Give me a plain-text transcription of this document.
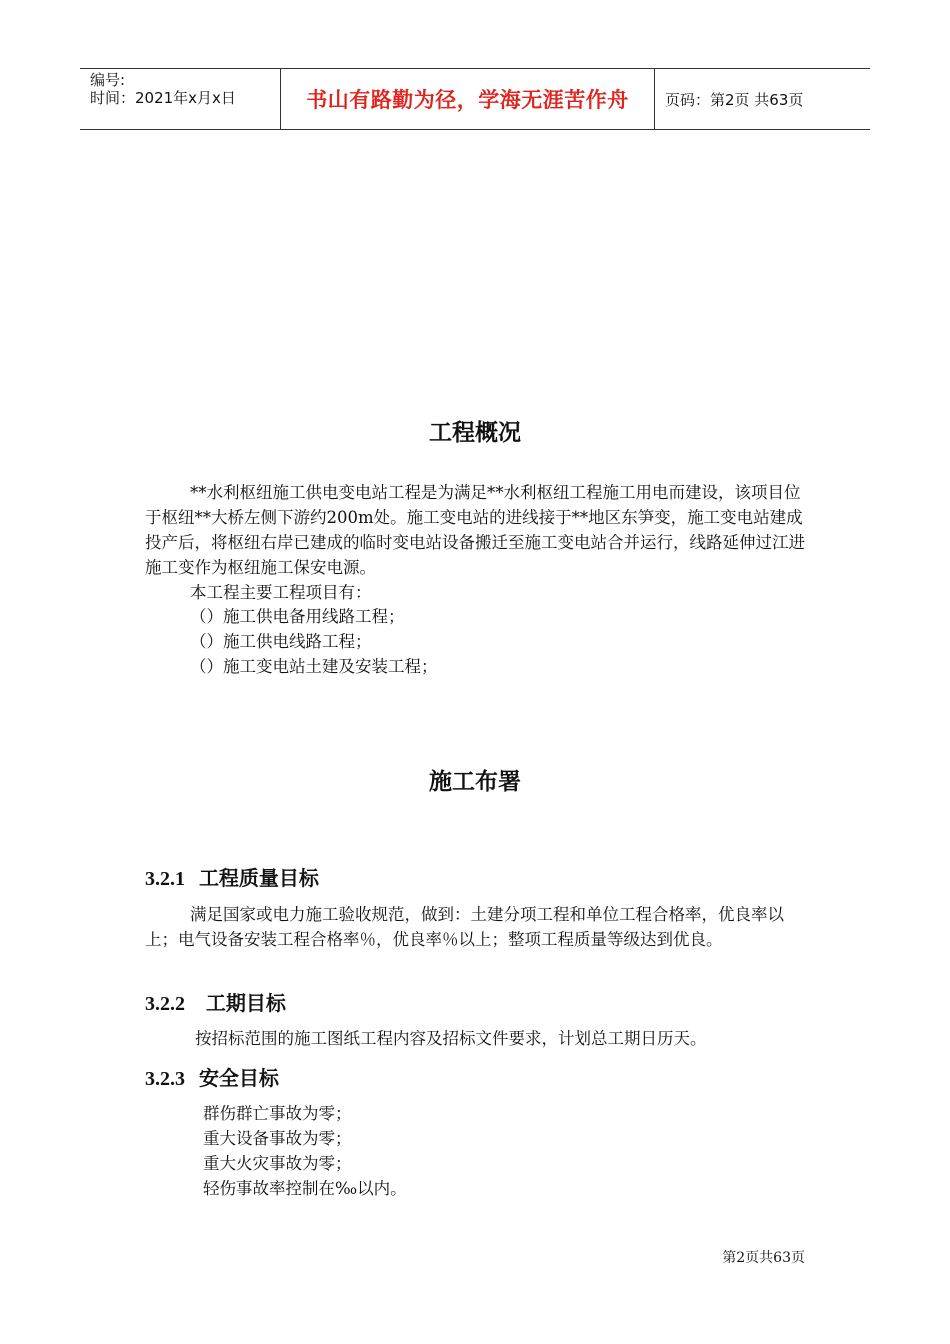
编号:
时间：2021年x月x日	书山有路勤为径，学海无涯苦作舟	页码：第2页 共63页
工程概况

**水利枢纽施工供电变电站工程是为满足**水利枢纽工程施工用电而建设，该项目位于枢纽**大桥左侧下游约200m处。施工变电站的进线接于**地区东笋变，施工变电站建成投产后，将枢纽右岸已建成的临时变电站设备搬迁至施工变电站合并运行，线路延伸过江进施工变作为枢纽施工保安电源。

本工程主要工程项目有：
（）施工供电备用线路工程；
（）施工供电线路工程；
（）施工变电站土建及安装工程；
施工布署
3.2.1 工程质量目标

满足国家或电力施工验收规范，做到：土建分项工程和单位工程合格率，优良率以上；电气设备安装工程合格率％，优良率％以上；整项工程质量等级达到优良。

3.2.2 工期目标
按招标范围的施工图纸工程内容及招标文件要求，计划总工期日历天。
3.2.3 安全目标
群伤群亡事故为零；
重大设备事故为零；
重大火灾事故为零；
轻伤事故率控制在‰以内。
第2页共63页
